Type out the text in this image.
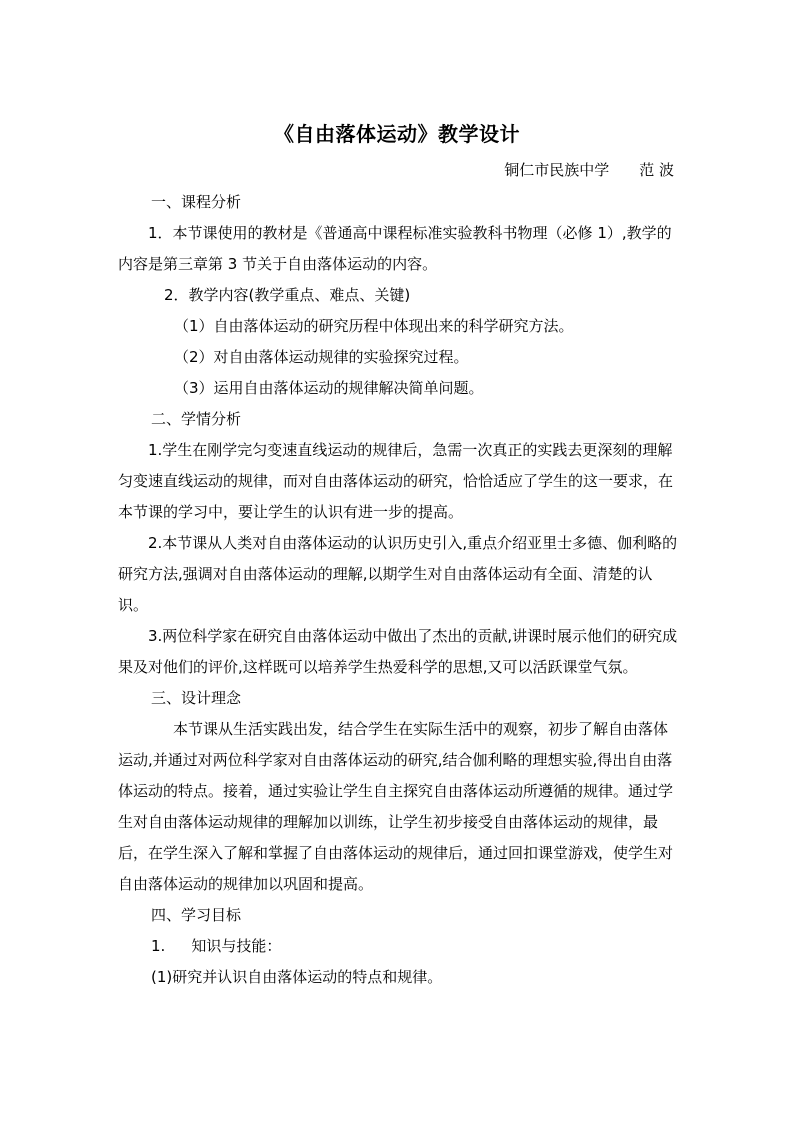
《自由落体运动》教学设计
铜仁市民族中学 范 波

一、课程分析

1．本节课使用的教材是《普通高中课程标准实验教科书物理（必修 1）,教学的内容是第三章第 3 节关于自由落体运动的内容。

2．教学内容(教学重点、难点、关键)

（1）自由落体运动的研究历程中体现出来的科学研究方法。

（2）对自由落体运动规律的实验探究过程。

（3）运用自由落体运动的规律解决简单问题。

二、学情分析

1.学生在刚学完匀变速直线运动的规律后，急需一次真正的实践去更深刻的理解匀变速直线运动的规律，而对自由落体运动的研究，恰恰适应了学生的这一要求，在本节课的学习中，要让学生的认识有进一步的提高。

2.本节课从人类对自由落体运动的认识历史引入,重点介绍亚里士多德、伽利略的研究方法,强调对自由落体运动的理解,以期学生对自由落体运动有全面、清楚的认识。

3.两位科学家在研究自由落体运动中做出了杰出的贡献,讲课时展示他们的研究成果及对他们的评价,这样既可以培养学生热爱科学的思想,又可以活跃课堂气氛。

三、设计理念

本节课从生活实践出发，结合学生在实际生活中的观察，初步了解自由落体运动,并通过对两位科学家对自由落体运动的研究,结合伽利略的理想实验,得出自由落体运动的特点。接着，通过实验让学生自主探究自由落体运动所遵循的规律。通过学生对自由落体运动规律的理解加以训练，让学生初步接受自由落体运动的规律，最后，在学生深入了解和掌握了自由落体运动的规律后，通过回扣课堂游戏，使学生对自由落体运动的规律加以巩固和提高。

四、学习目标

1. 知识与技能：

(1)研究并认识自由落体运动的特点和规律。
